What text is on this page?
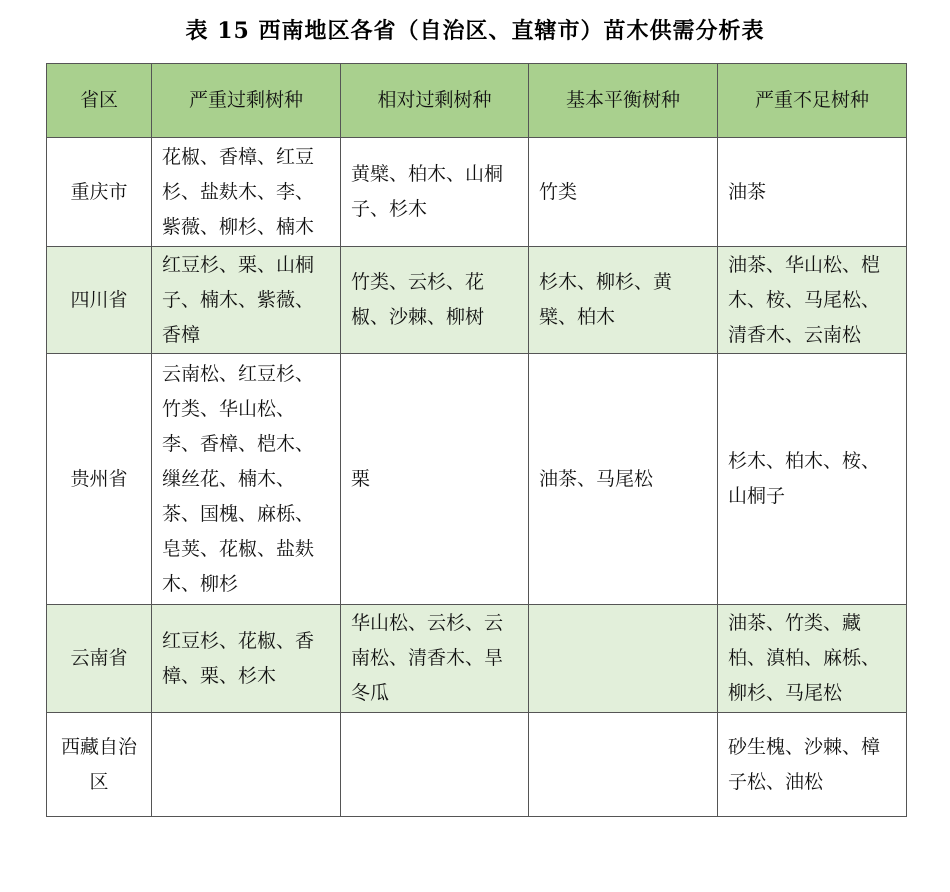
表 15 西南地区各省（自治区、直辖市）苗木供需分析表
省区	严重过剩树种	相对过剩树种	基本平衡树种	严重不足树种
重庆市	花椒、香樟、红豆杉、盐麸木、李、紫薇、柳杉、楠木	黄檗、柏木、山桐子、杉木	竹类	油茶
四川省	红豆杉、栗、山桐子、楠木、紫薇、香樟	竹类、云杉、花椒、沙棘、柳树	杉木、柳杉、黄檗、柏木	油茶、华山松、桤木、桉、马尾松、清香木、云南松
贵州省	云南松、红豆杉、竹类、华山松、李、香樟、桤木、缫丝花、楠木、茶、国槐、麻栎、皂荚、花椒、盐麸木、柳杉	栗	油茶、马尾松	杉木、柏木、桉、山桐子
云南省	红豆杉、花椒、香樟、栗、杉木	华山松、云杉、云南松、清香木、旱冬瓜		油茶、竹类、藏柏、滇柏、麻栎、柳杉、马尾松
西藏自治区				砂生槐、沙棘、樟子松、油松
